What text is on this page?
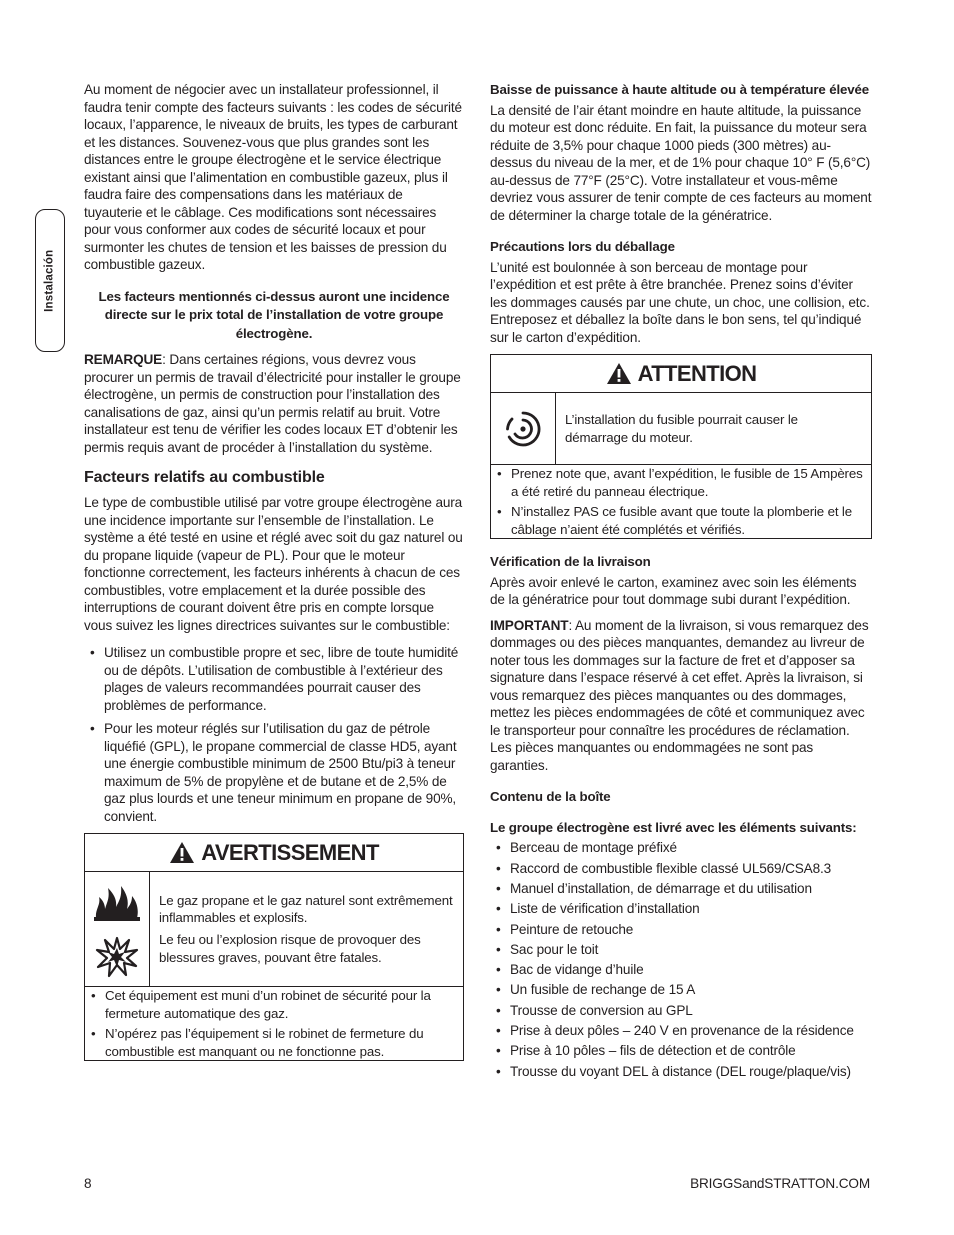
Instalación

Au moment de négocier avec un installateur professionnel, il faudra tenir compte des facteurs suivants : les codes de sécurité locaux, l’apparence, le niveaux de bruits, les types de carburant et les distances. Souvenez-vous que plus grandes sont les distances entre le groupe électrogène et le service électrique existant ainsi que l’alimentation en combustible gazeux, plus il faudra faire des compensations dans les matériaux de tuyauterie et le câblage. Ces modifications sont nécessaires pour vous conformer aux codes de sécurité locaux et pour surmonter les chutes de tension et les baisses de pression du combustible gazeux.

Les facteurs mentionnés ci-dessus auront une incidence directe sur le prix total de l’installation de votre groupe électrogène.

REMARQUE: Dans certaines régions, vous devrez vous procurer un permis de travail d’électricité pour installer le groupe électrogène, un permis de construction pour l’installation des canalisations de gaz, ainsi qu’un permis relatif au bruit. Votre installateur est tenu de vérifier les codes locaux ET d’obtenir les permis requis avant de procéder à l’installation du système.

Facteurs relatifs au combustible

Le type de combustible utilisé par votre groupe électrogène aura une incidence importante sur l’ensemble de l’installation. Le système a été testé en usine et réglé avec soit du gaz naturel ou du propane liquide (vapeur de PL). Pour que le moteur fonctionne correctement, les facteurs inhérents à chacun de ces combustibles, votre emplacement et la durée possible des interruptions de courant doivent être pris en compte lorsque vous suivez les lignes directrices suivantes sur le combustible:

• Utilisez un combustible propre et sec, libre de toute humidité ou de dépôts. L’utilisation de combustible à l’extérieur des plages de valeurs recommandées pourrait causer des problèmes de performance.
• Pour les moteur réglés sur l’utilisation du gaz de pétrole liquéfié (GPL), le propane commercial de classe HD5, ayant une énergie combustible minimum de 2500 Btu/pi3 à teneur maximum de 5% de propylène et de butane et de 2,5% de gaz plus lourds et une teneur minimum en propane de 90%, convient.
AVERTISSEMENT

Le gaz propane et le gaz naturel sont extrêmement inflammables et explosifs.

Le feu ou l’explosion risque de provoquer des blessures graves, pouvant être fatales.

• Cet équipement est muni d’un robinet de sécurité pour la fermeture automatique des gaz.
• N’opérez pas l’équipement si le robinet de fermeture du combustible est manquant ou ne fonctionne pas.
Baisse de puissance à haute altitude ou à température élevée

La densité de l’air étant moindre en haute altitude, la puissance du moteur est donc réduite. En fait, la puissance du moteur sera réduite de 3,5% pour chaque 1000 pieds (300 mètres) au-dessus du niveau de la mer, et de 1% pour chaque 10° F (5,6°C) au-dessus de 77°F (25°C). Votre installateur et vous-même devriez vous assurer de tenir compte de ces facteurs au moment de déterminer la charge totale de la génératrice.

Précautions lors du déballage

L’unité est boulonnée à son berceau de montage pour l’expédition et est prête à être branchée. Prenez soins d’éviter les dommages causés par une chute, un choc, une collision, etc. Entreposez et déballez la boîte dans le bon sens, tel qu’indiqué sur le carton d’expédition.

ATTENTION

L’installation du fusible pourrait causer le démarrage du moteur.

• Prenez note que, avant l’expédition, le fusible de 15 Ampères a été retiré du panneau électrique.
• N’installez PAS ce fusible avant que toute la plomberie et le câblage n’aient été complétés et vérifiés.
Vérification de la livraison

Après avoir enlevé le carton, examinez avec soin les éléments de la génératrice pour tout dommage subi durant l’expédition.

IMPORTANT: Au moment de la livraison, si vous remarquez des dommages ou des pièces manquantes, demandez au livreur de noter tous les dommages sur la facture de fret et d’apposer sa signature dans l’espace réservé à cet effet. Après la livraison, si vous remarquez des pièces manquantes ou des dommages, mettez les pièces endommagées de côté et communiquez avec le transporteur pour connaître les procédures de réclamation. Les pièces manquantes ou endommagées ne sont pas garanties.

Contenu de la boîte
Le groupe électrogène est livré avec les éléments suivants:
• Berceau de montage préfixé
• Raccord de combustible flexible classé UL569/CSA8.3
• Manuel d’installation, de démarrage et du utilisation
• Liste de vérification d’installation
• Peinture de retouche
• Sac pour le toit
• Bac de vidange d’huile
• Un fusible de rechange de 15 A
• Trousse de conversion au GPL
• Prise à deux pôles – 240 V en provenance de la résidence
• Prise à 10 pôles – fils de détection et de contrôle
• Trousse du voyant DEL à distance (DEL rouge/plaque/vis)
8	BRIGGSandSTRATTON.COM
